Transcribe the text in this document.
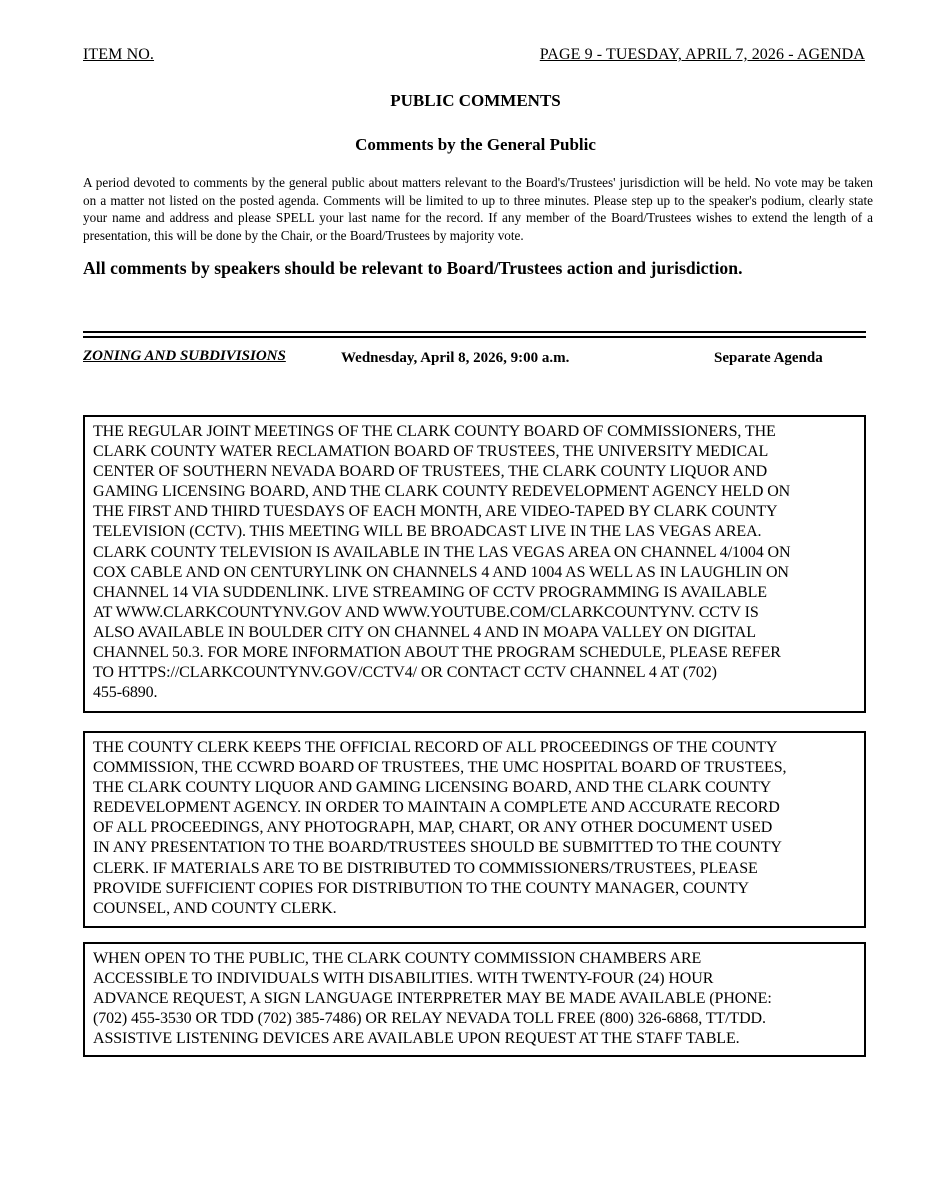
ITEM NO.	PAGE 9 - TUESDAY, APRIL 7, 2026 - AGENDA
PUBLIC COMMENTS
Comments by the General Public
A period devoted to comments by the general public about matters relevant to the Board's/Trustees' jurisdiction will be held. No vote may be taken on a matter not listed on the posted agenda. Comments will be limited to up to three minutes. Please step up to the speaker's podium, clearly state your name and address and please SPELL your last name for the record. If any member of the Board/Trustees wishes to extend the length of a presentation, this will be done by the Chair, or the Board/Trustees by majority vote.
All comments by speakers should be relevant to Board/Trustees action and jurisdiction.
ZONING AND SUBDIVISIONS	Wednesday, April 8, 2026, 9:00 a.m.	Separate Agenda
THE REGULAR JOINT MEETINGS OF THE CLARK COUNTY BOARD OF COMMISSIONERS, THE
CLARK COUNTY WATER RECLAMATION BOARD OF TRUSTEES, THE UNIVERSITY MEDICAL
CENTER OF SOUTHERN NEVADA BOARD OF TRUSTEES, THE CLARK COUNTY LIQUOR AND
GAMING LICENSING BOARD, AND THE CLARK COUNTY REDEVELOPMENT AGENCY HELD ON
THE FIRST AND THIRD TUESDAYS OF EACH MONTH, ARE VIDEO-TAPED BY CLARK COUNTY
TELEVISION (CCTV). THIS MEETING WILL BE BROADCAST LIVE IN THE LAS VEGAS AREA.
CLARK COUNTY TELEVISION IS AVAILABLE IN THE LAS VEGAS AREA ON CHANNEL 4/1004 ON
COX CABLE AND ON CENTURYLINK ON CHANNELS 4 AND 1004 AS WELL AS IN LAUGHLIN ON
CHANNEL 14 VIA SUDDENLINK. LIVE STREAMING OF CCTV PROGRAMMING IS AVAILABLE
AT WWW.CLARKCOUNTYNV.GOV AND WWW.YOUTUBE.COM/CLARKCOUNTYNV. CCTV IS
ALSO AVAILABLE IN BOULDER CITY ON CHANNEL 4 AND IN MOAPA VALLEY ON DIGITAL
CHANNEL 50.3. FOR MORE INFORMATION ABOUT THE PROGRAM SCHEDULE, PLEASE REFER
TO HTTPS://CLARKCOUNTYNV.GOV/CCTV4/ OR CONTACT CCTV CHANNEL 4 AT (702)
455-6890.
THE COUNTY CLERK KEEPS THE OFFICIAL RECORD OF ALL PROCEEDINGS OF THE COUNTY
COMMISSION, THE CCWRD BOARD OF TRUSTEES, THE UMC HOSPITAL BOARD OF TRUSTEES,
THE CLARK COUNTY LIQUOR AND GAMING LICENSING BOARD, AND THE CLARK COUNTY
REDEVELOPMENT AGENCY. IN ORDER TO MAINTAIN A COMPLETE AND ACCURATE RECORD
OF ALL PROCEEDINGS, ANY PHOTOGRAPH, MAP, CHART, OR ANY OTHER DOCUMENT USED
IN ANY PRESENTATION TO THE BOARD/TRUSTEES SHOULD BE SUBMITTED TO THE COUNTY
CLERK. IF MATERIALS ARE TO BE DISTRIBUTED TO COMMISSIONERS/TRUSTEES, PLEASE
PROVIDE SUFFICIENT COPIES FOR DISTRIBUTION TO THE COUNTY MANAGER, COUNTY
COUNSEL, AND COUNTY CLERK.
WHEN OPEN TO THE PUBLIC, THE CLARK COUNTY COMMISSION CHAMBERS ARE
ACCESSIBLE TO INDIVIDUALS WITH DISABILITIES. WITH TWENTY-FOUR (24) HOUR
ADVANCE REQUEST, A SIGN LANGUAGE INTERPRETER MAY BE MADE AVAILABLE (PHONE:
(702) 455-3530 OR TDD (702) 385-7486) OR RELAY NEVADA TOLL FREE (800) 326-6868, TT/TDD.
ASSISTIVE LISTENING DEVICES ARE AVAILABLE UPON REQUEST AT THE STAFF TABLE.
